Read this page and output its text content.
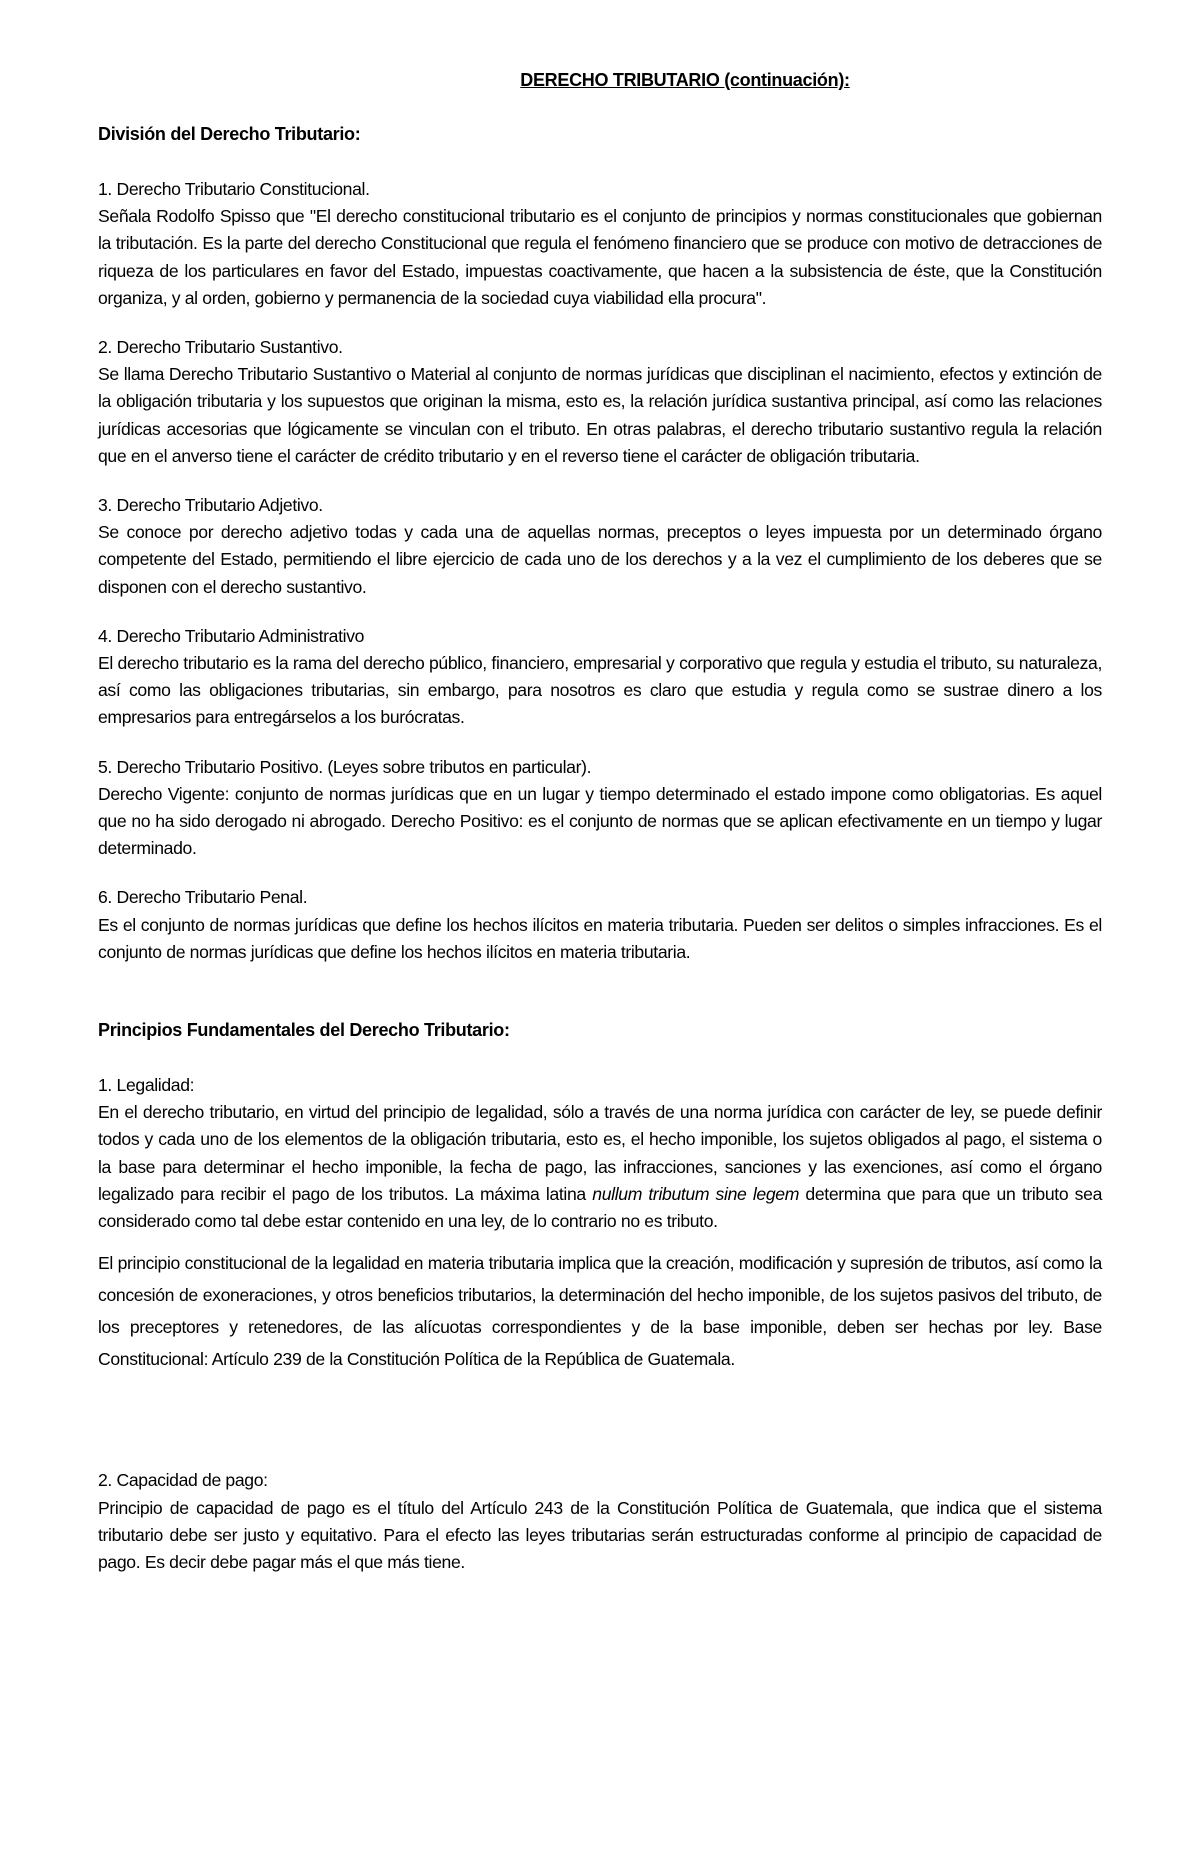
DERECHO TRIBUTARIO (continuación):
División del Derecho Tributario:

1. Derecho Tributario Constitucional.

Señala Rodolfo Spisso que "El derecho constitucional tributario es el conjunto de principios y normas constitucionales que gobiernan la tributación. Es la parte del derecho Constitucional que regula el fenómeno financiero que se produce con motivo de detracciones de riqueza de los particulares en favor del Estado, impuestas coactivamente, que hacen a la subsistencia de éste, que la Constitución organiza, y al orden, gobierno y permanencia de la sociedad cuya viabilidad ella procura".

2. Derecho Tributario Sustantivo.

Se llama Derecho Tributario Sustantivo o Material al conjunto de normas jurídicas que disciplinan el nacimiento, efectos y extinción de la obligación tributaria y los supuestos que originan la misma, esto es, la relación jurídica sustantiva principal, así como las relaciones jurídicas accesorias que lógicamente se vinculan con el tributo. En otras palabras, el derecho tributario sustantivo regula la relación que en el anverso tiene el carácter de crédito tributario y en el reverso tiene el carácter de obligación tributaria.

3. Derecho Tributario Adjetivo.

Se conoce por derecho adjetivo todas y cada una de aquellas normas, preceptos o leyes impuesta por un determinado órgano competente del Estado, permitiendo el libre ejercicio de cada uno de los derechos y a la vez el cumplimiento de los deberes que se disponen con el derecho sustantivo.

4. Derecho Tributario Administrativo

El derecho tributario es la rama del derecho público, financiero, empresarial y corporativo que regula y estudia el tributo, su naturaleza, así como las obligaciones tributarias, sin embargo, para nosotros es claro que estudia y regula como se sustrae dinero a los empresarios para entregárselos a los burócratas.

5. Derecho Tributario Positivo. (Leyes sobre tributos en particular).

Derecho Vigente: conjunto de normas jurídicas que en un lugar y tiempo determinado el estado impone como obligatorias. Es aquel que no ha sido derogado ni abrogado. Derecho Positivo: es el conjunto de normas que se aplican efectivamente en un tiempo y lugar determinado.

6. Derecho Tributario Penal.

Es el conjunto de normas jurídicas que define los hechos ilícitos en materia tributaria. Pueden ser delitos o simples infracciones. Es el conjunto de normas jurídicas que define los hechos ilícitos en materia tributaria.

Principios Fundamentales del Derecho Tributario:

1. Legalidad:

En el derecho tributario, en virtud del principio de legalidad, sólo a través de una norma jurídica con carácter de ley, se puede definir todos y cada uno de los elementos de la obligación tributaria, esto es, el hecho imponible, los sujetos obligados al pago, el sistema o la base para determinar el hecho imponible, la fecha de pago, las infracciones, sanciones y las exenciones, así como el órgano legalizado para recibir el pago de los tributos. La máxima latina nullum tributum sine legem determina que para que un tributo sea considerado como tal debe estar contenido en una ley, de lo contrario no es tributo.

El principio constitucional de la legalidad en materia tributaria implica que la creación, modificación y supresión de tributos, así como la concesión de exoneraciones, y otros beneficios tributarios, la determinación del hecho imponible, de los sujetos pasivos del tributo, de los preceptores y retenedores, de las alícuotas correspondientes y de la base imponible, deben ser hechas por ley. Base Constitucional: Artículo 239 de la Constitución Política de la República de Guatemala.

2. Capacidad de pago:

Principio de capacidad de pago es el título del Artículo 243 de la Constitución Política de Guatemala, que indica que el sistema tributario debe ser justo y equitativo. Para el efecto las leyes tributarias serán estructuradas conforme al principio de capacidad de pago. Es decir debe pagar más el que más tiene.
